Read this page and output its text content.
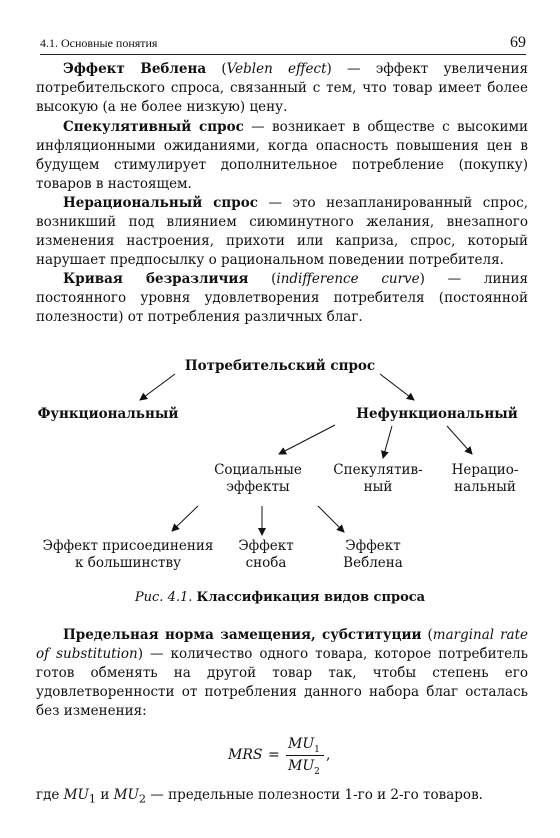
4.1. Основные понятия	69

  Эффект Веблена (Veblen effect) — эффект увеличения потребительского спроса, связанный с тем, что товар имеет более высокую (а не более низкую) цену.

  Спекулятивный спрос — возникает в обществе с высокими инфляционными ожиданиями, когда опасность повышения цен в будущем стимулирует дополнительное потребление (покупку) товаров в настоящем.

  Нерациональный спрос — это незапланированный спрос, возникший под влиянием сиюминутного желания, внезапного изменения настроения, прихоти или каприза, спрос, который нарушает предпосылку о рациональном поведении потребителя.

  Кривая безразличия (indifference curve) — линия постоянного уровня удовлетворения потребителя (постоянной полезности) от потребления различных благ.

Потребительский спрос
Функциональный	Нефункциональный
Социальные
эффекты
Спекулятив-
ный
Нерацио-
нальный
Эффект присоединения
к большинству
Эффект
сноба
Эффект
Веблена
Рис. 4.1. Классификация видов спроса

  Предельная норма замещения, субституции (marginal rate of substitution) — количество одного товара, которое потребитель готов обменять на другой товар так, чтобы степень его удовлетворенности от потребления данного набора благ осталась без изменения:

MRS =
$MU_1$
$MU_2$
,

где $MU_1$ и $MU_2$ — предельные полезности 1-го и 2-го товаров.
